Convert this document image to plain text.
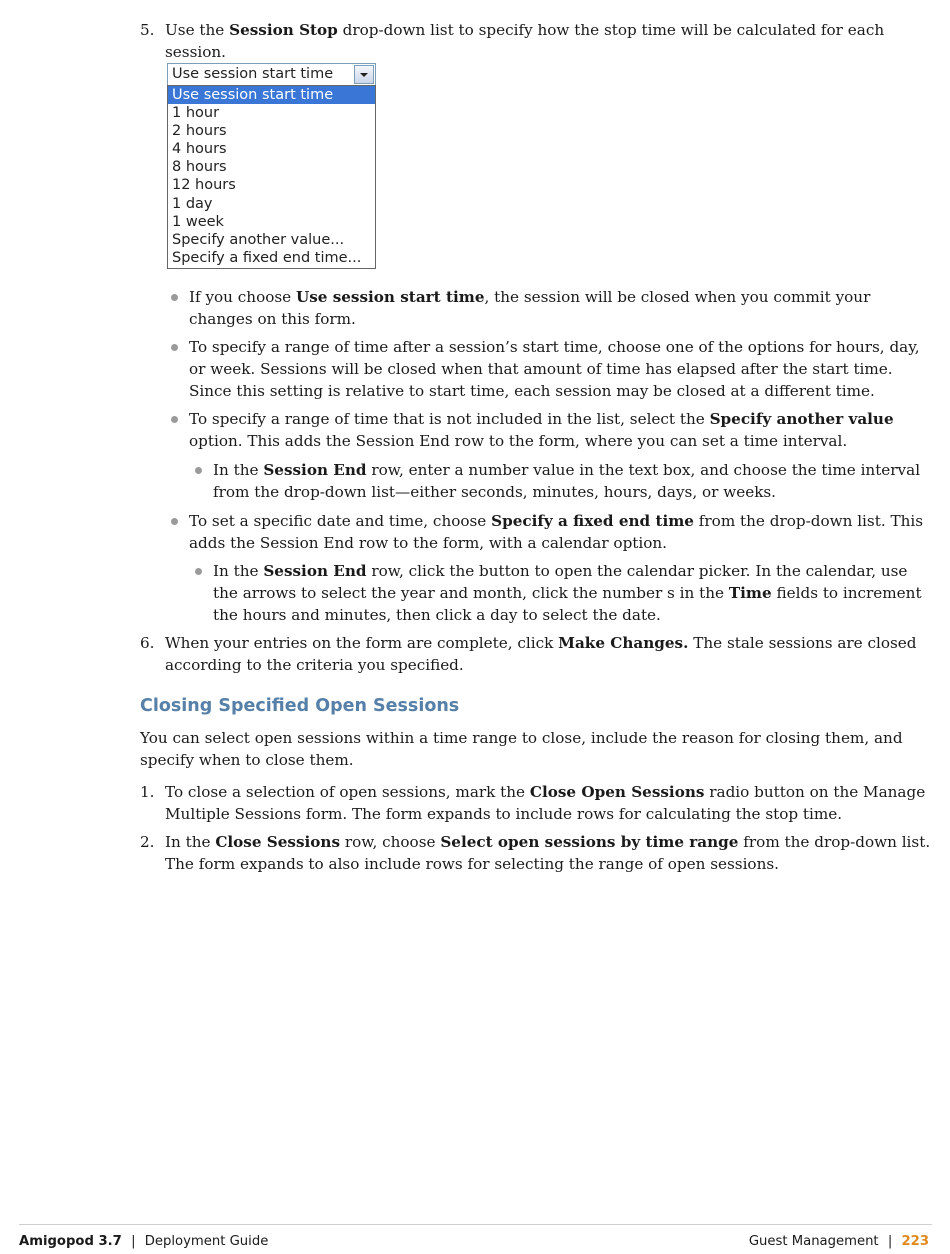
5. Use the Session Stop drop-down list to specify how the stop time will be calculated for each session.
Use session start time
Use session start time
1 hour
2 hours
4 hours
8 hours
12 hours
1 day
1 week
Specify another value...
Specify a fixed end time...
If you choose Use session start time, the session will be closed when you commit your changes on this form.
To specify a range of time after a session’s start time, choose one of the options for hours, day, or week. Sessions will be closed when that amount of time has elapsed after the start time. Since this setting is relative to start time, each session may be closed at a different time.
To specify a range of time that is not included in the list, select the Specify another value option. This adds the Session End row to the form, where you can set a time interval.
In the Session End row, enter a number value in the text box, and choose the time interval from the drop-down list—either seconds, minutes, hours, days, or weeks.
To set a specific date and time, choose Specify a fixed end time from the drop-down list. This adds the Session End row to the form, with a calendar option.
In the Session End row, click the button to open the calendar picker. In the calendar, use the arrows to select the year and month, click the number s in the Time fields to increment the hours and minutes, then click a day to select the date.
6. When your entries on the form are complete, click Make Changes. The stale sessions are closed according to the criteria you specified.
Closing Specified Open Sessions
You can select open sessions within a time range to close, include the reason for closing them, and specify when to close them.
1. To close a selection of open sessions, mark the Close Open Sessions radio button on the Manage Multiple Sessions form. The form expands to include rows for calculating the stop time.
2. In the Close Sessions row, choose Select open sessions by time range from the drop-down list. The form expands to also include rows for selecting the range of open sessions.
Amigopod 3.7 | Deployment Guide	Guest Management | 223
